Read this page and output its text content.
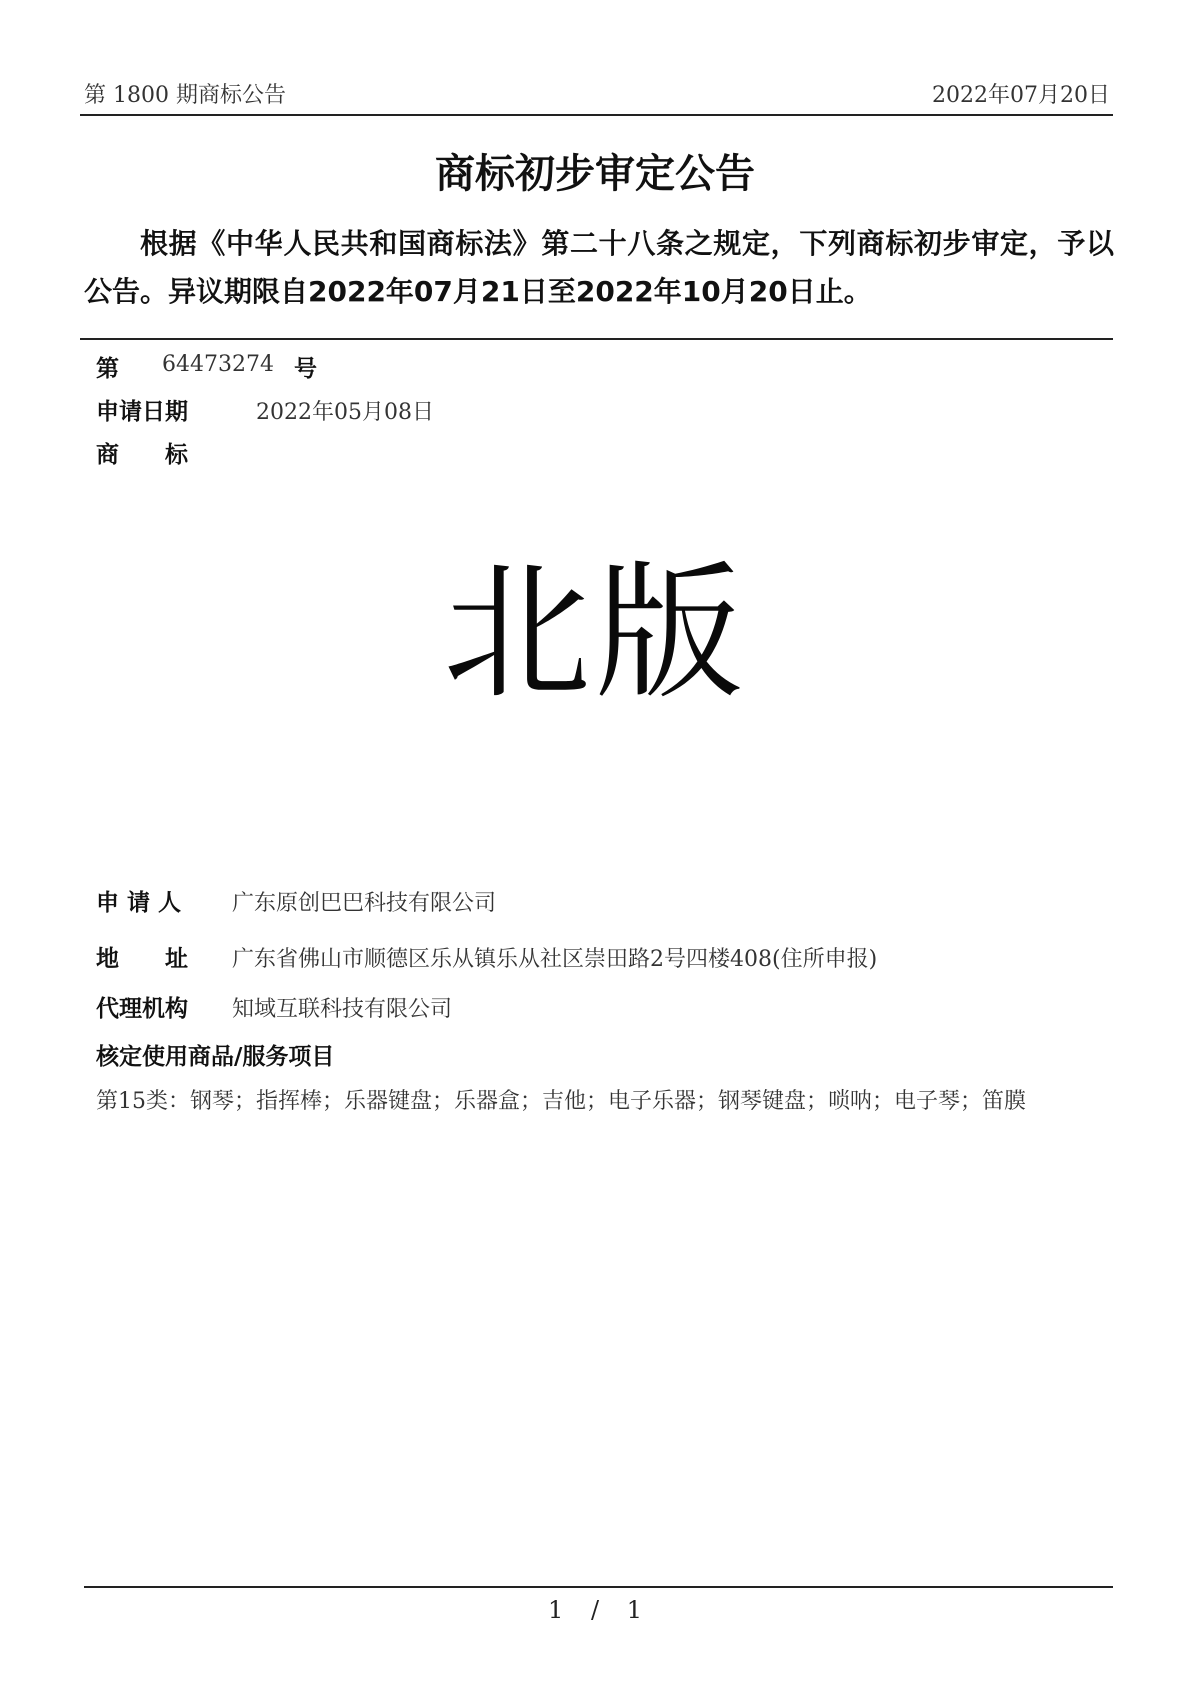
第 1800 期商标公告	2022年07月20日
商标初步审定公告
根据《中华人民共和国商标法》第二十八条之规定，下列商标初步审定，予以公告。异议期限自2022年07月21日至2022年10月20日止。
第 64473274 号
申请日期	2022年05月08日
商　　标
北版
申 请 人 广东原创巴巴科技有限公司
地　　址 广东省佛山市顺德区乐从镇乐从社区崇田路2号四楼408(住所申报)
代理机构 知域互联科技有限公司
核定使用商品/服务项目
第15类：钢琴；指挥棒；乐器键盘；乐器盒；吉他；电子乐器；钢琴键盘；唢呐；电子琴；笛膜
1 / 1
